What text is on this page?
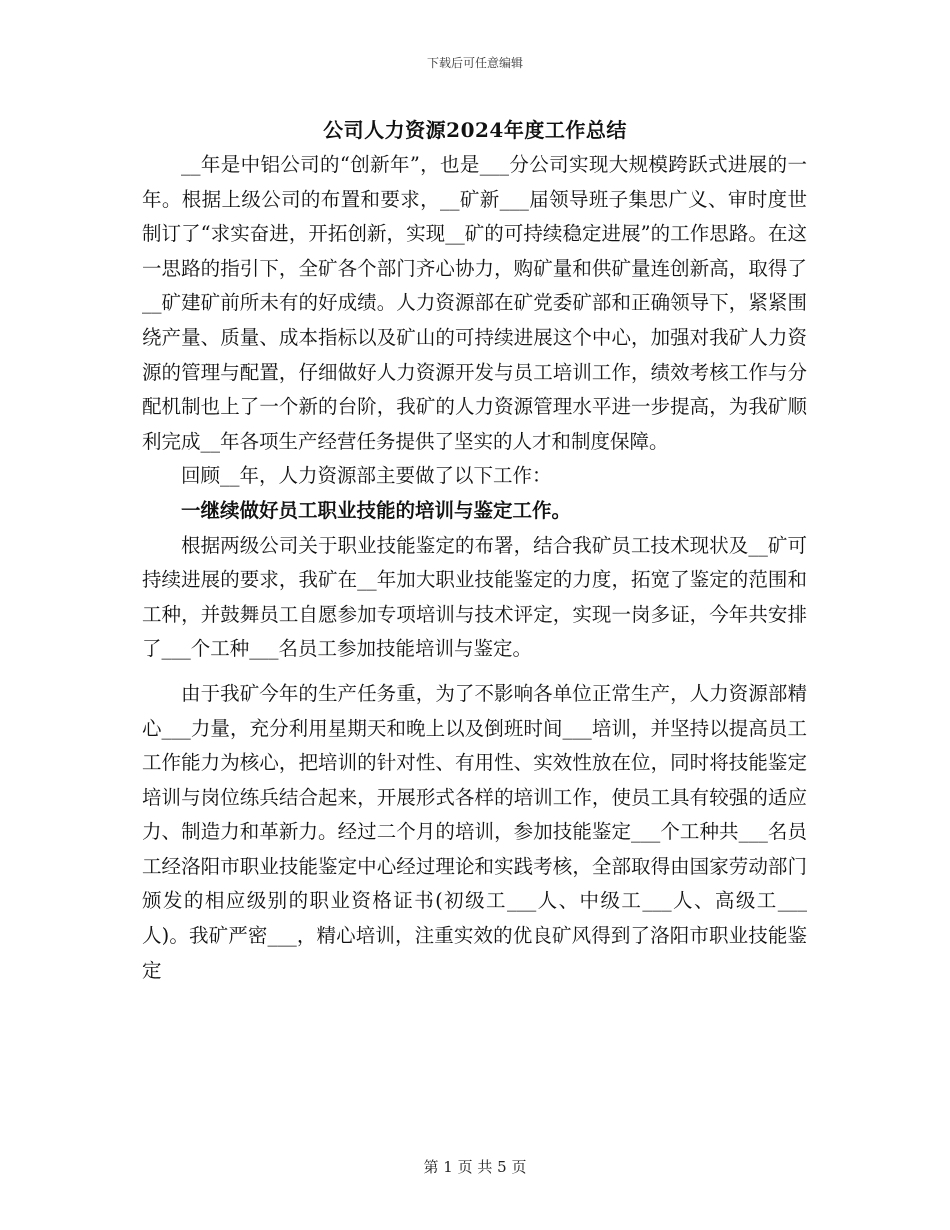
下载后可任意编辑
公司人力资源2024年度工作总结

__年是中铝公司的“创新年”，也是___分公司实现大规模跨跃式进展的一年。根据上级公司的布置和要求，__矿新___届领导班子集思广义、审时度世制订了“求实奋进，开拓创新，实现__矿的可持续稳定进展”的工作思路。在这一思路的指引下，全矿各个部门齐心协力，购矿量和供矿量连创新高，取得了__矿建矿前所未有的好成绩。人力资源部在矿党委矿部和正确领导下，紧紧围绕产量、质量、成本指标以及矿山的可持续进展这个中心，加强对我矿人力资源的管理与配置，仔细做好人力资源开发与员工培训工作，绩效考核工作与分配机制也上了一个新的台阶，我矿的人力资源管理水平进一步提高，为我矿顺利完成__年各项生产经营任务提供了坚实的人才和制度保障。

回顾__年，人力资源部主要做了以下工作：

一继续做好员工职业技能的培训与鉴定工作。

根据两级公司关于职业技能鉴定的布署，结合我矿员工技术现状及__矿可持续进展的要求，我矿在__年加大职业技能鉴定的力度，拓宽了鉴定的范围和工种，并鼓舞员工自愿参加专项培训与技术评定，实现一岗多证，今年共安排了___个工种___名员工参加技能培训与鉴定。

由于我矿今年的生产任务重，为了不影响各单位正常生产，人力资源部精心___力量，充分利用星期天和晚上以及倒班时间___培训，并坚持以提高员工工作能力为核心，把培训的针对性、有用性、实效性放在位，同时将技能鉴定培训与岗位练兵结合起来，开展形式各样的培训工作，使员工具有较强的适应力、制造力和革新力。经过二个月的培训，参加技能鉴定___个工种共___名员工经洛阳市职业技能鉴定中心经过理论和实践考核，全部取得由国家劳动部门颁发的相应级别的职业资格证书(初级工___人、中级工___人、高级工___人)。我矿严密___，精心培训，注重实效的优良矿风得到了洛阳市职业技能鉴定

第 1 页 共 5 页
